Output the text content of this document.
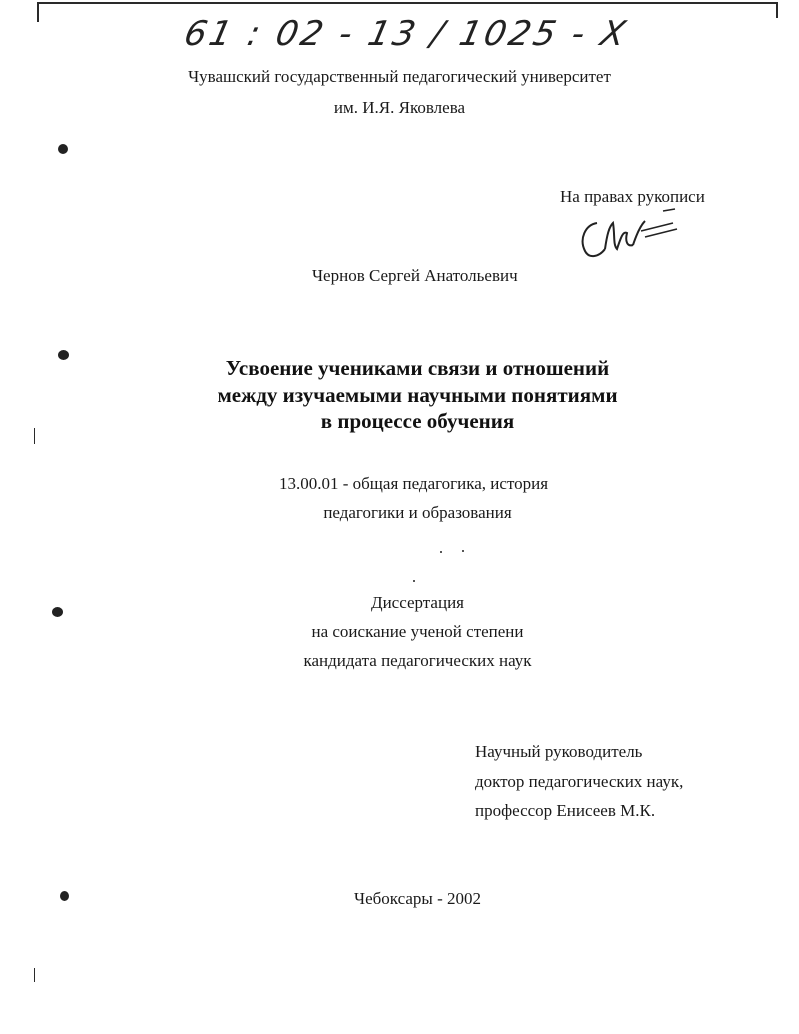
61 : 02 - 13 / 1025 - X
Чувашский государственный педагогический университет
им. И.Я. Яковлева
На правах рукописи
Чернов Сергей Анатольевич
Усвоение учениками связи и отношений
между изучаемыми научными понятиями
в процессе обучения
13.00.01 - общая педагогика, история
педагогики и образования
Диссертация
на соискание ученой степени
кандидата педагогических наук
Научный руководитель
доктор педагогических наук,
профессор Енисеев М.К.
Чебоксары - 2002
